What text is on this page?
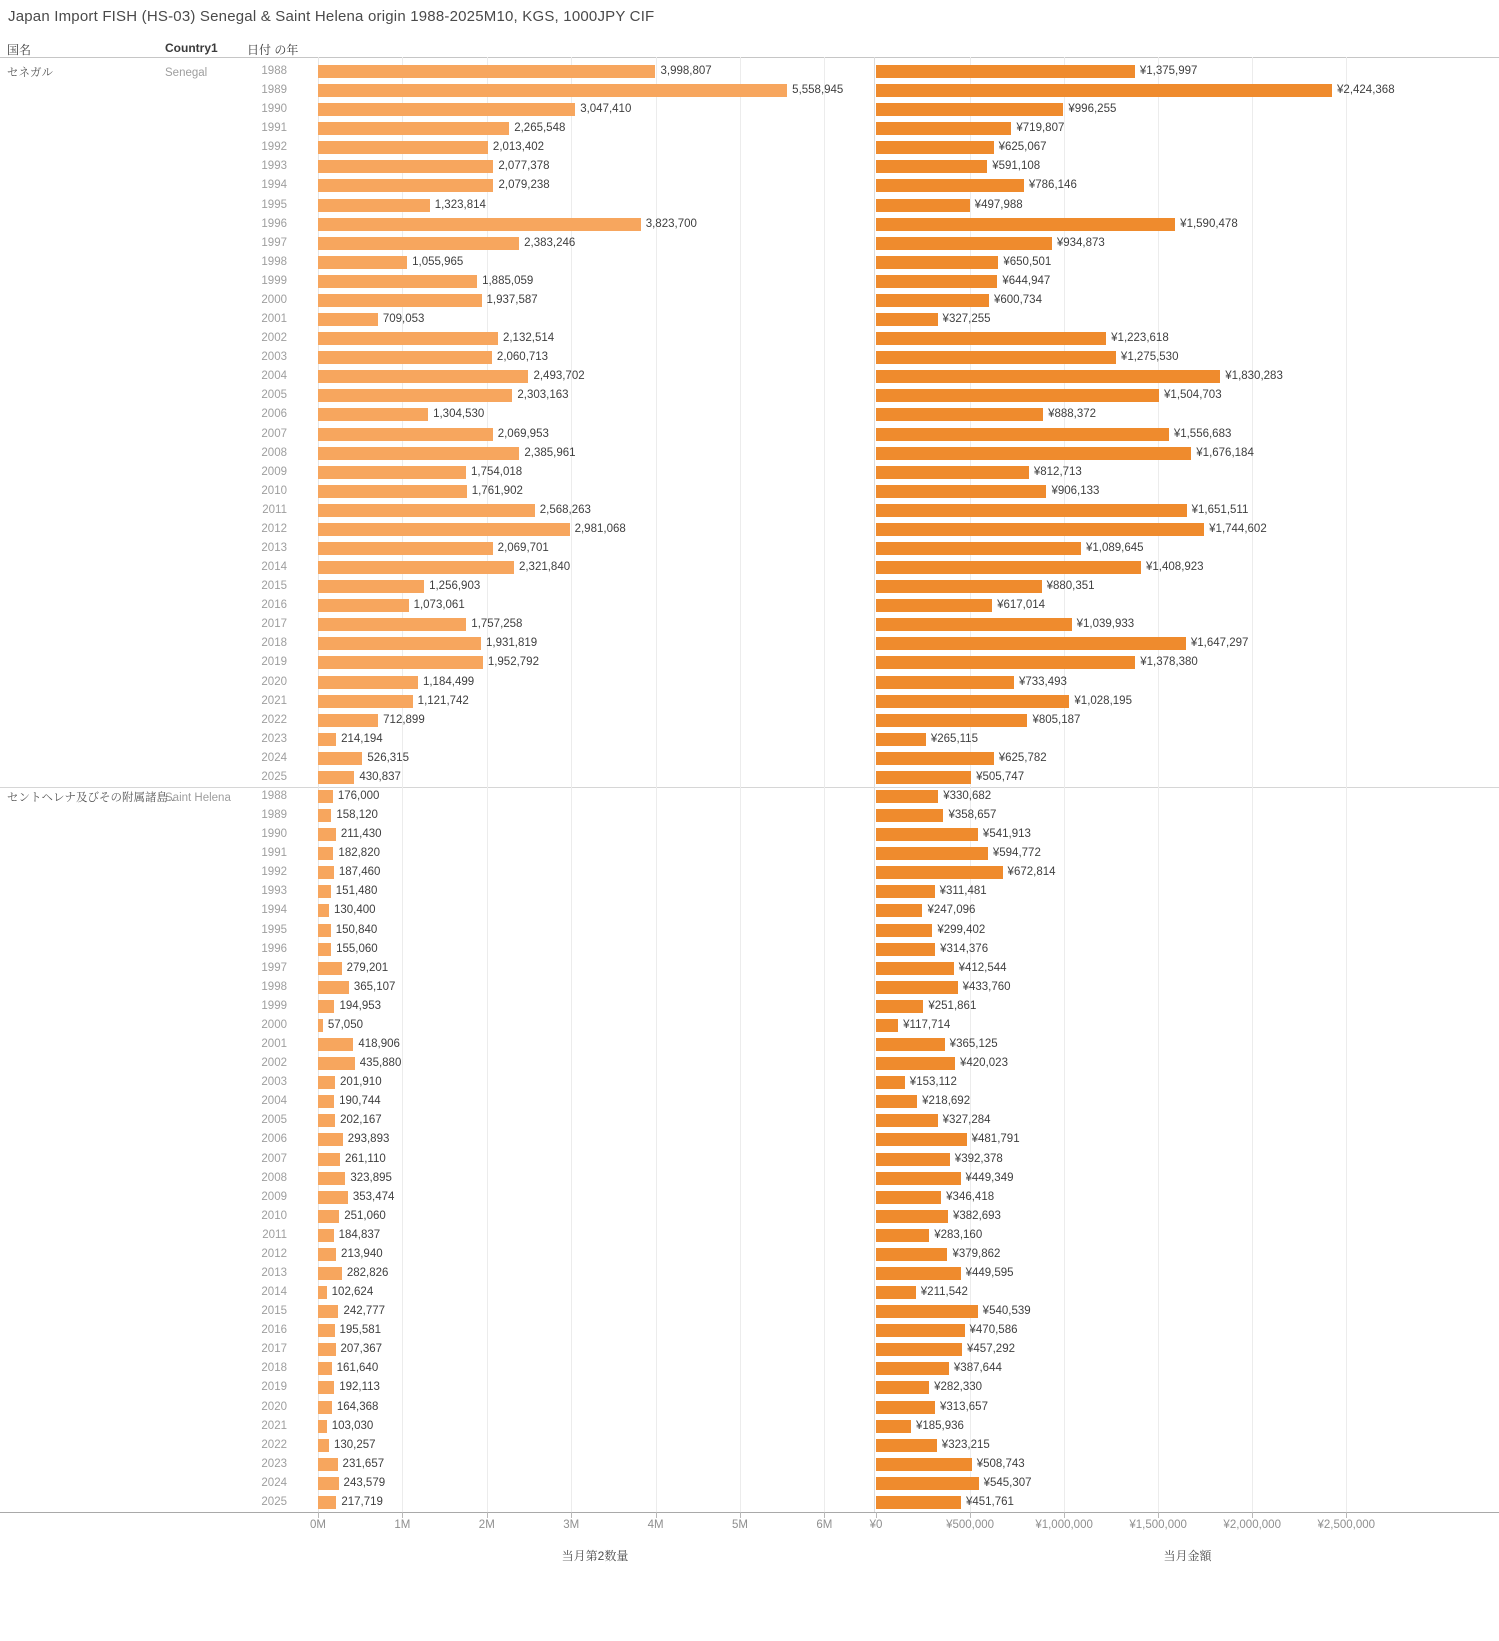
Japan Import FISH (HS-03) Senegal & Saint Helena origin 1988-2025M10, KGS, 1000JPY CIF
国名	Country1 日付 の年
セネガル	Senegal	1988	3,998,807	¥1,375,997
1989	5,558,945	¥2,424,368
1990	3,047,410	¥996,255
1991	2,265,548	¥719,807
1992	2,013,402	¥625,067
1993	2,077,378	¥591,108
1994	2,079,238	¥786,146
1995	1,323,814	¥497,988
1996	3,823,700	¥1,590,478
1997	2,383,246	¥934,873
1998	1,055,965	¥650,501
1999	1,885,059	¥644,947
2000	1,937,587	¥600,734
2001	709,053	¥327,255
2002	2,132,514	¥1,223,618
2003	2,060,713	¥1,275,530
2004	2,493,702	¥1,830,283
2005	2,303,163	¥1,504,703
2006	1,304,530	¥888,372
2007	2,069,953	¥1,556,683
2008	2,385,961	¥1,676,184
2009	1,754,018	¥812,713
2010	1,761,902	¥906,133
2011	2,568,263	¥1,651,511
2012	2,981,068	¥1,744,602
2013	2,069,701	¥1,089,645
2014	2,321,840	¥1,408,923
2015	1,256,903	¥880,351
2016	1,073,061	¥617,014
2017	1,757,258	¥1,039,933
2018	1,931,819	¥1,647,297
2019	1,952,792	¥1,378,380
2020	1,184,499	¥733,493
2021	1,121,742	¥1,028,195
2022	712,899	¥805,187
2023	214,194	¥265,115
2024	526,315	¥625,782
2025	430,837	¥505,747
セントヘレナ及びその附属諸島..
Saint Helena	1988	176,000	¥330,682
1989	158,120	¥358,657
1990	211,430	¥541,913
1991	182,820	¥594,772
1992	187,460	¥672,814
1993	151,480	¥311,481
1994	130,400	¥247,096
1995	150,840	¥299,402
1996	155,060	¥314,376
1997	279,201	¥412,544
1998	365,107	¥433,760
1999	194,953	¥251,861
2000	57,050	¥117,714
2001	418,906	¥365,125
2002	435,880	¥420,023
2003	201,910	¥153,112
2004	190,744	¥218,692
2005	202,167	¥327,284
2006	293,893	¥481,791
2007	261,110	¥392,378
2008	323,895	¥449,349
2009	353,474	¥346,418
2010	251,060	¥382,693
2011	184,837	¥283,160
2012	213,940	¥379,862
2013	282,826	¥449,595
2014	102,624	¥211,542
2015	242,777	¥540,539
2016	195,581	¥470,586
2017	207,367	¥457,292
2018	161,640	¥387,644
2019	192,113	¥282,330
2020	164,368	¥313,657
2021	103,030	¥185,936
2022	130,257	¥323,215
2023	231,657	¥508,743
2024	243,579	¥545,307
2025	217,719	¥451,761
0M	1M	2M	3M	4M	5M	6M
当月第2数量
¥0	¥500,000	¥1,000,000	¥1,500,000	¥2,000,000	¥2,500,000
当月金額
